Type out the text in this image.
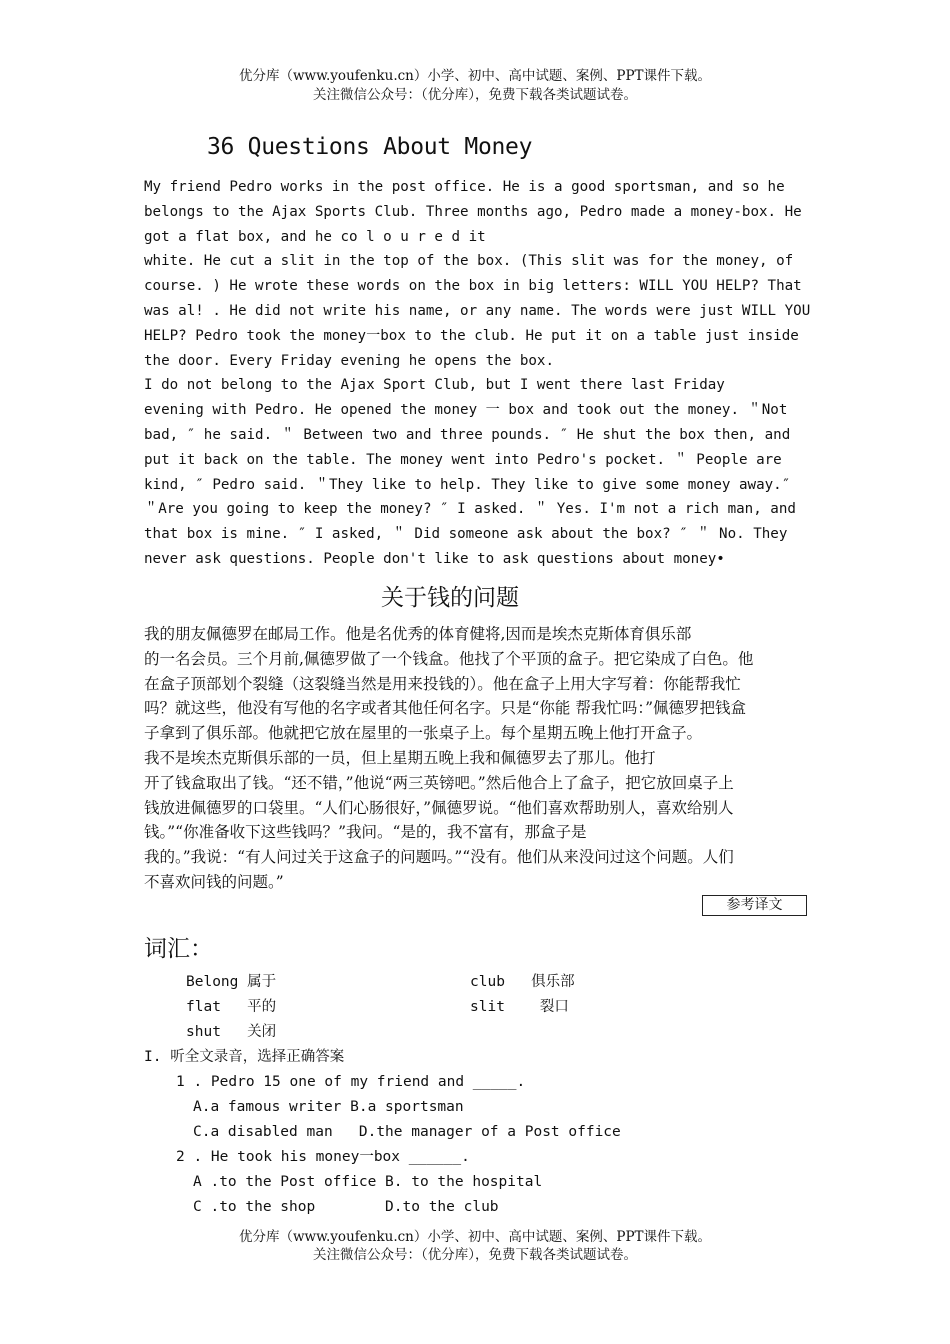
优分库（www.youfenku.cn）小学、初中、高中试题、案例、PPT课件下载。
关注微信公众号：（优分库），免费下载各类试题试卷。
36 Questions About Money
My friend Pedro works in the post office. He is a good sportsman, and so he
belongs to the Ajax Sports Club. Three months ago, Pedro made a money-box. He
got a flat box, and he co l o u r e d it
white. He cut a slit in the top of the box. (This slit was for the money, of
course. ) He wrote these words on the box in big letters: WILL YOU HELP? That
was al! . He did not write his name, or any name. The words were just WILL YOU
HELP? Pedro took the money一box to the club. He put it on a table just inside
the door. Every Friday evening he opens the box.
I do not belong to the Ajax Sport Club, but I went there last Friday
evening with Pedro. He opened the money 一 box and took out the money. ＂Not
bad, ″ he said. ＂ Between two and three pounds. ″ He shut the box then, and
put it back on the table. The money went into Pedro's pocket. ＂ People are
kind, ″ Pedro said. ＂They like to help. They like to give some money away.″
＂Are you going to keep the money? ″ I asked. ＂ Yes. I'm not a rich man, and
that box is mine. ″ I asked, ＂ Did someone ask about the box? ″ ＂ No. They
never ask questions. People don't like to ask questions about money•
关于钱的问题
我的朋友佩德罗在邮局工作。他是名优秀的体育健将,因而是埃杰克斯体育俱乐部
的一名会员。三个月前,佩德罗做了一个钱盒。他找了个平顶的盒子。把它染成了白色。他
在盒子顶部划个裂缝（这裂缝当然是用来投钱的）。他在盒子上用大字写着：你能帮我忙
吗？就这些，他没有写他的名字或者其他任何名字。只是“你能 帮我忙吗：”佩德罗把钱盒
子拿到了俱乐部。他就把它放在屋里的一张桌子上。每个星期五晚上他打开盒子。
我不是埃杰克斯俱乐部的一员，但上星期五晚上我和佩德罗去了那儿。他打
开了钱盒取出了钱。“还不错，”他说“两三英镑吧。”然后他合上了盒子，把它放回桌子上
钱放进佩德罗的口袋里。“人们心肠很好，”佩德罗说。“他们喜欢帮助别人，喜欢给别人
钱。”“你准备收下这些钱吗？”我问。“是的，我不富有，那盒子是
我的。”我说：“有人问过关于这盒子的问题吗。”“没有。他们从来没问过这个问题。人们
不喜欢问钱的问题。”
参考译文
词汇：
Belong 属于
flat   平的
shut   关闭
club   俱乐部
slit    裂口
I. 听全文录音，选择正确答案
1 . Pedro 15 one of my friend and _____.
A.a famous writer B.a sportsman
C.a disabled man   D.the manager of a Post office
2 . He took his money一box ______.
A .to the Post office B. to the hospital
C .to the shop        D.to the club
优分库（www.youfenku.cn）小学、初中、高中试题、案例、PPT课件下载。
关注微信公众号：（优分库），免费下载各类试题试卷。
